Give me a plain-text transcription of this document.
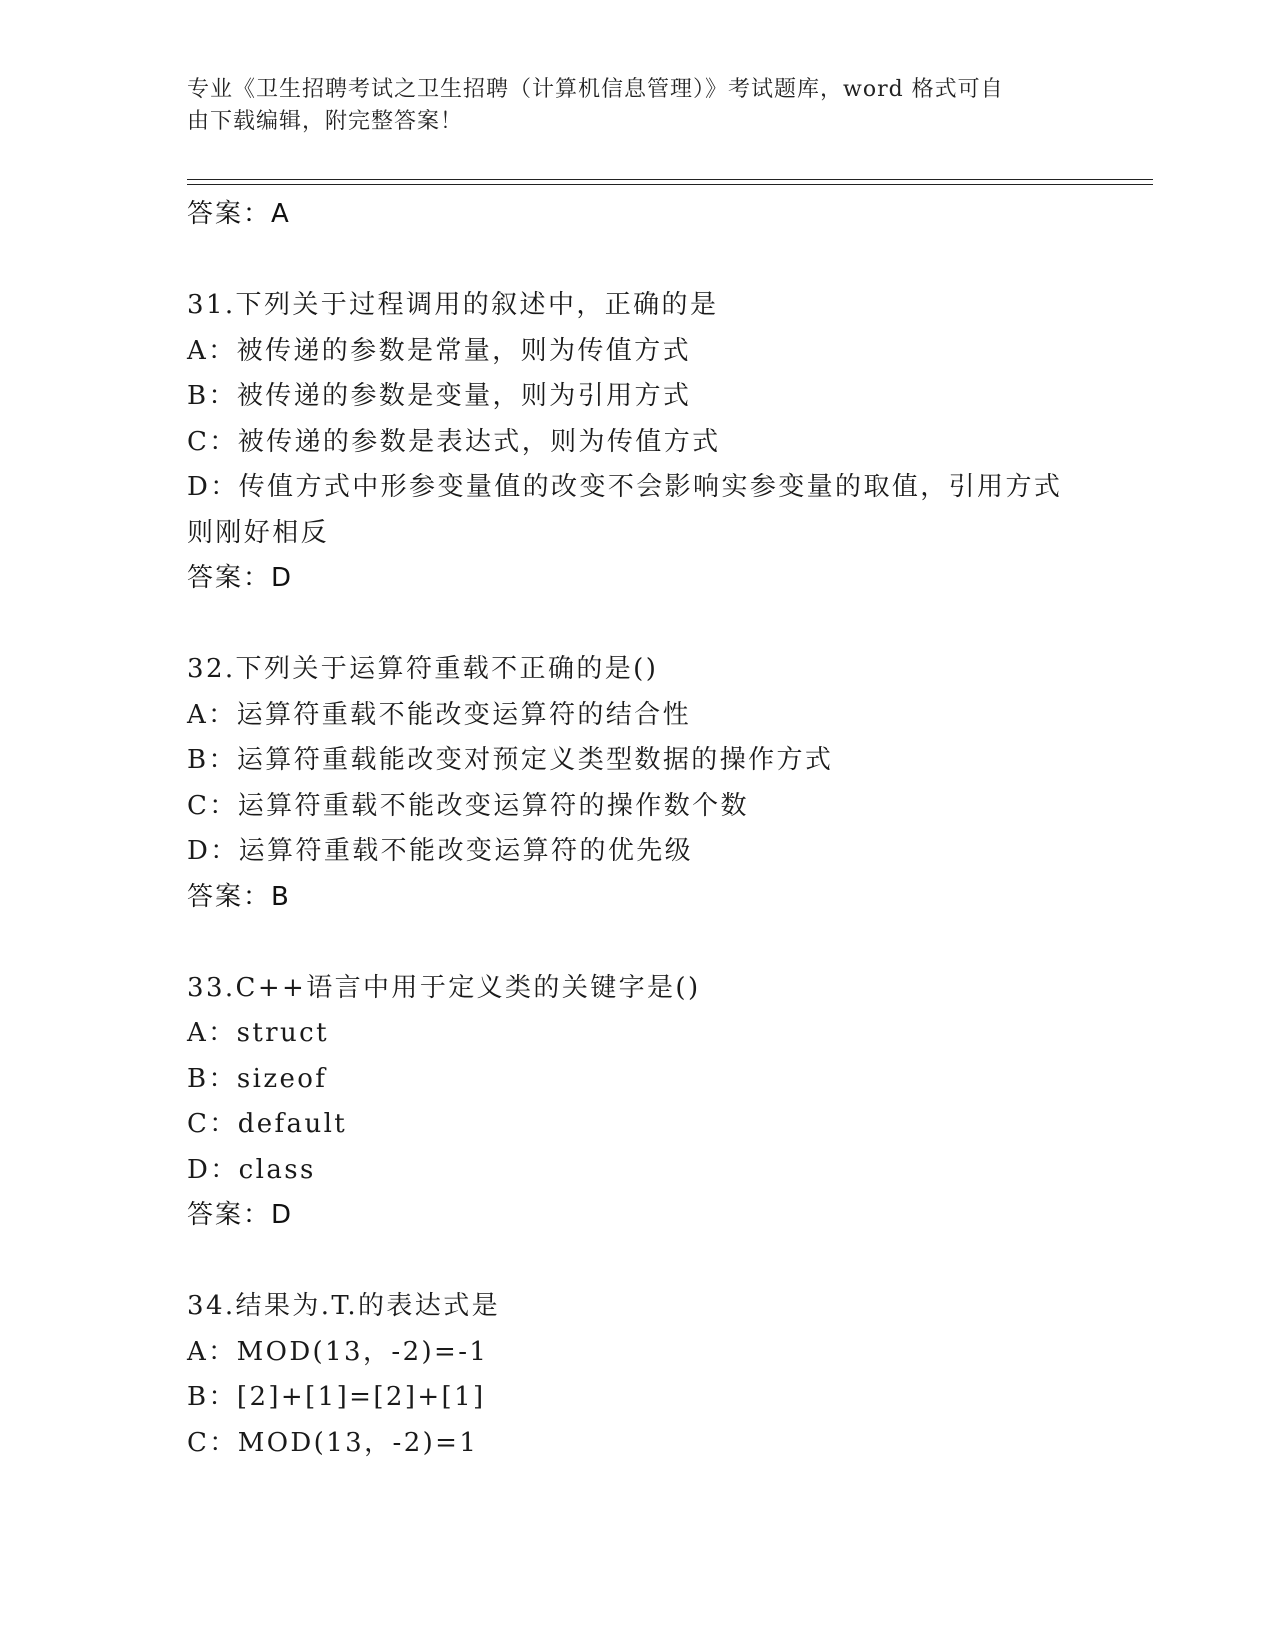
专业《卫生招聘考试之卫生招聘（计算机信息管理）》考试题库，word 格式可自
由下载编辑，附完整答案！
答案：A
31.下列关于过程调用的叙述中，正确的是
A：被传递的参数是常量，则为传值方式
B：被传递的参数是变量，则为引用方式
C：被传递的参数是表达式，则为传值方式
D：传值方式中形参变量值的改变不会影响实参变量的取值，引用方式
则刚好相反
答案：D
32.下列关于运算符重载不正确的是()
A：运算符重载不能改变运算符的结合性
B：运算符重载能改变对预定义类型数据的操作方式
C：运算符重载不能改变运算符的操作数个数
D：运算符重载不能改变运算符的优先级
答案：B
33.C++语言中用于定义类的关键字是()
A：struct
B：sizeof
C：default
D：class
答案：D
34.结果为.T.的表达式是
A：MOD(13，-2)=-1
B：[2]+[1]=[2]+[1]
C：MOD(13，-2)=1
